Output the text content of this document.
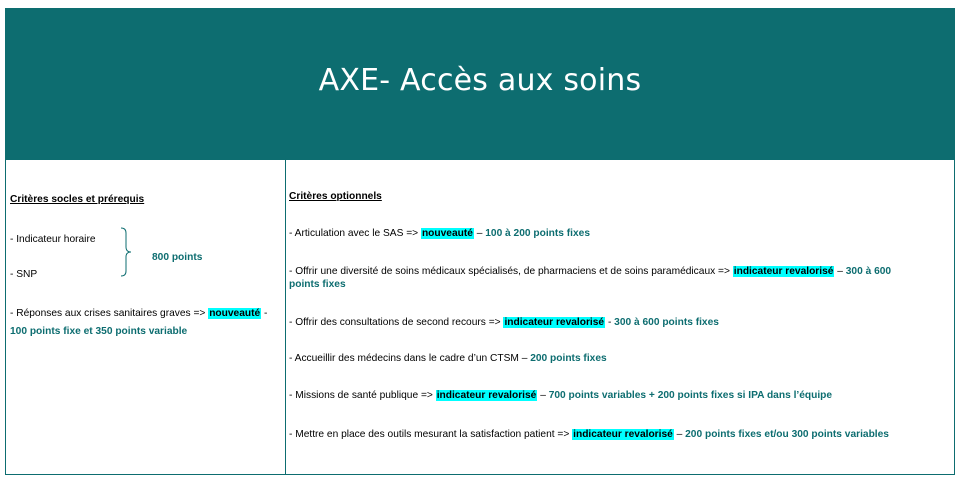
AXE- Accès aux soins
Critères socles et prérequis
- Indicateur horaire
- SNP
800 points
- Réponses aux crises sanitaires graves => nouveauté -
100 points fixe et 350 points variable
Critères optionnels
- Articulation avec le SAS => nouveauté – 100 à 200 points fixes
- Offrir une diversité de soins médicaux spécialisés, de pharmaciens et de soins paramédicaux => indicateur revalorisé – 300 à 600
points fixes
- Offrir des consultations de second recours => indicateur revalorisé - 300 à 600 points fixes
- Accueillir des médecins dans le cadre d’un CTSM – 200 points fixes
- Missions de santé publique => indicateur revalorisé – 700 points variables + 200 points fixes si IPA dans l’équipe
- Mettre en place des outils mesurant la satisfaction patient => indicateur revalorisé – 200 points fixes et/ou 300 points variables
